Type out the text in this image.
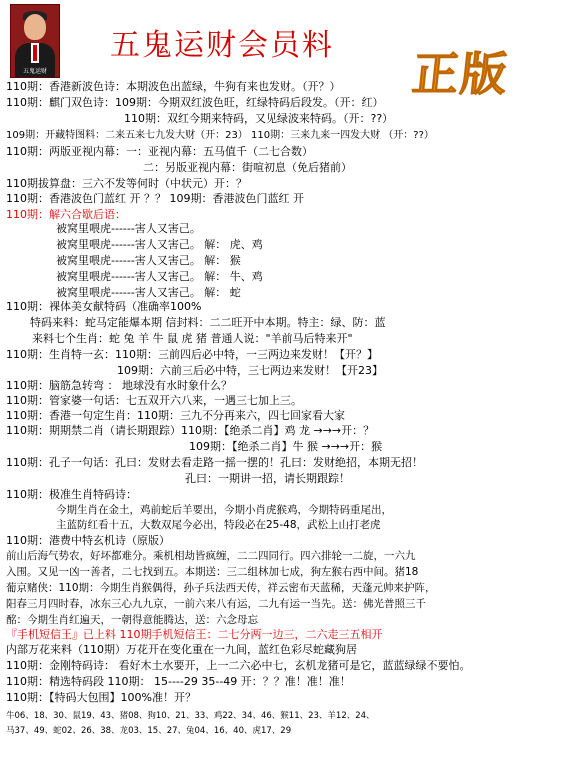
五鬼运财
五鬼运财会员料
正版
110期：香港新波色诗：本期波色出蓝绿，牛狗有来也发财。（开？）
110期：麒门双色诗：109期：今期双红波色旺，红绿特码后段发。（开：红）
110期：双红今期来特码，又见绿波来特码。（开：??）
109期：开藏特图料：二来五来七九发大财（开：23） 110期：三来九来一四发大财 （开：??）
110期：两版亚视内幕：一：亚视内幕：五马值千（二七合数）
二：另版亚视内幕：街喧初息（免后猪前）
110期拔算盘：三六不发等何时（中状元）开：？
110期：香港波色门蓝红 开 ？？ 109期：香港波色门蓝红 开
110期：解六合歇后语：
被窝里喂虎------害人又害己。
被窝里喂虎------害人又害己。 解： 虎、鸡
被窝里喂虎------害人又害己。 解： 猴
被窝里喂虎------害人又害己。 解： 牛、鸡
被窝里喂虎------害人又害己。 解： 蛇
110期：裸体美女献特码（准确率100%
特码来料：蛇马定能爆本期 信封料：二二旺开中本期。特主：绿、防：蓝
来料七个生肖：蛇 兔 羊 牛 鼠 虎 猪 普通人说："羊前马后特来开"
110期：生肖特一玄：110期：三前四后必中特，一三两边来发财！【开？】
109期：六前三后必中特，三七两边来发财！【开23】
110期：脑筋急转弯 ： 地球没有水时象什么？
110期：管家婆一句话：七五双开六八来，一遇三七加上三。
110期：香港一句定生肖：110期：三九不分再来六，四七回家看大家
110期：期期禁二肖（请长期跟踪）110期：【绝杀二肖】鸡 龙 →→→开：？
109期：【绝杀二肖】牛 猴 →→→开：猴
110期：孔子一句话：孔曰：发财去看走路一摇一摆的！孔曰：发财绝招，本期无招！
孔曰：一期讲一招，请长期跟踪！
110期：极准生肖特码诗：
今期生肖在金土，鸡前蛇后羊要出，今期小肖虎猴鸡，今期特码重尾出，
主蓝防红看十五，大数双尾今必出，特段必在25-48，武松上山打老虎
110期：港费中特玄机诗（原版）
前山后海气势农，好坏都难分。乘机相劫皆疯缠，二二四同行。四六排轮一二旋，一六九
入围。又见一凶一善者，二七找到五。本期送：三二组林加七成，狗左猴右西中间。猪18
葡京赌侠：110期：今期生肖猴偶得，孙子兵法西天传，祥云密布天蓝稀，天蓬元帅来护阵，
阳春三月四时春，冰东三心九九京，一前六来八有运，二九有运一当先。送：佛光普照三千
酩：今期生肖红遍天，一朝得意能腾达，送：六念母忘
『手机短信王』已上料 110期手机短信王：二七分两一边三，二六走三五相开
内部万花来料（110期）万花开在变化重在一九间，蓝红色彩尽蛇藏狗居
110期：金刚特码诗： 看好木土水要开，上一二六必中七，玄机龙猪可是它，蓝蓝绿绿不要怕。
110期：精选特码段 110期： 15----29 35--49 开：？？准！准！准！
110期：【特码大包围】100%准！开？
牛06、18、30、鼠19、43、猪08、狗10、21、33、鸡22、34、46、猴11、23、羊12、24、
马37、49、蛇02、26、38、龙03、15、27、兔04、16、40、虎17、29
